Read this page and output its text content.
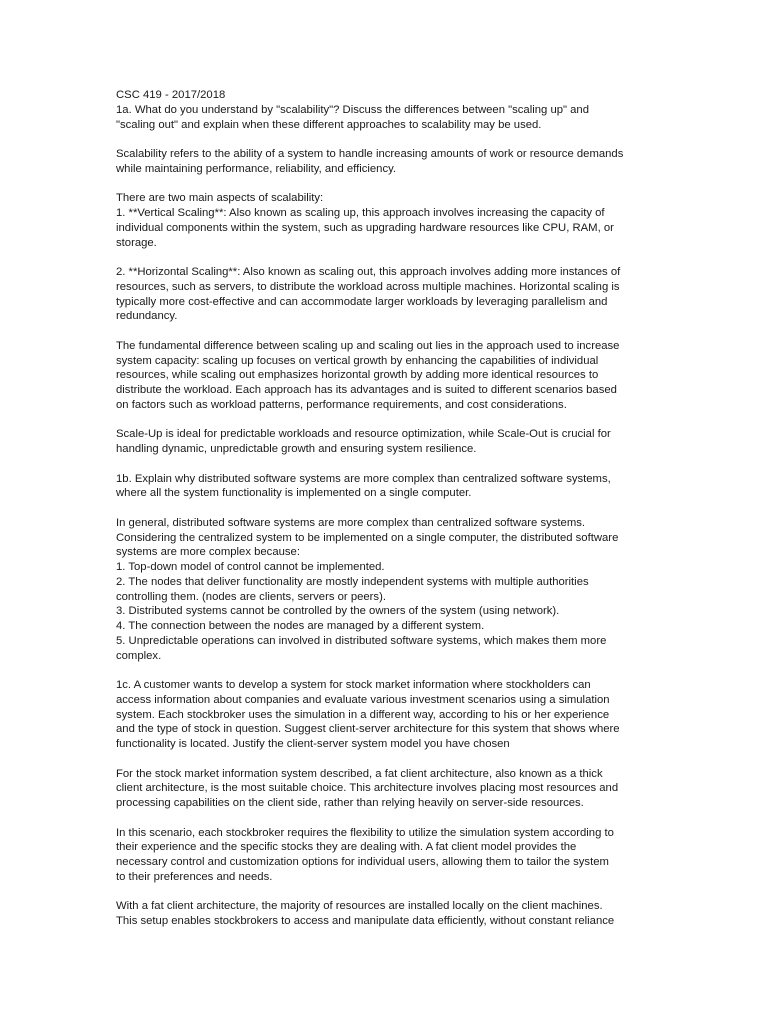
CSC 419 - 2017/2018
1a. What do you understand by "scalability"? Discuss the differences between "scaling up" and
"scaling out" and explain when these different approaches to scalability may be used.
Scalability refers to the ability of a system to handle increasing amounts of work or resource demands
while maintaining performance, reliability, and efficiency.
There are two main aspects of scalability:
1. **Vertical Scaling**: Also known as scaling up, this approach involves increasing the capacity of
individual components within the system, such as upgrading hardware resources like CPU, RAM, or
storage.
2. **Horizontal Scaling**: Also known as scaling out, this approach involves adding more instances of
resources, such as servers, to distribute the workload across multiple machines. Horizontal scaling is
typically more cost-effective and can accommodate larger workloads by leveraging parallelism and
redundancy.
The fundamental difference between scaling up and scaling out lies in the approach used to increase
system capacity: scaling up focuses on vertical growth by enhancing the capabilities of individual
resources, while scaling out emphasizes horizontal growth by adding more identical resources to
distribute the workload. Each approach has its advantages and is suited to different scenarios based
on factors such as workload patterns, performance requirements, and cost considerations.
Scale-Up is ideal for predictable workloads and resource optimization, while Scale-Out is crucial for
handling dynamic, unpredictable growth and ensuring system resilience.
1b. Explain why distributed software systems are more complex than centralized software systems,
where all the system functionality is implemented on a single computer.
In general, distributed software systems are more complex than centralized software systems.
Considering the centralized system to be implemented on a single computer, the distributed software
systems are more complex because:
1. Top-down model of control cannot be implemented.
2. The nodes that deliver functionality are mostly independent systems with multiple authorities
controlling them. (nodes are clients, servers or peers).
3. Distributed systems cannot be controlled by the owners of the system (using network).
4. The connection between the nodes are managed by a different system.
5. Unpredictable operations can involved in distributed software systems, which makes them more
complex.
1c. A customer wants to develop a system for stock market information where stockholders can
access information about companies and evaluate various investment scenarios using a simulation
system. Each stockbroker uses the simulation in a different way, according to his or her experience
and the type of stock in question. Suggest client-server architecture for this system that shows where
functionality is located. Justify the client-server system model you have chosen
For the stock market information system described, a fat client architecture, also known as a thick
client architecture, is the most suitable choice. This architecture involves placing most resources and
processing capabilities on the client side, rather than relying heavily on server-side resources.
In this scenario, each stockbroker requires the flexibility to utilize the simulation system according to
their experience and the specific stocks they are dealing with. A fat client model provides the
necessary control and customization options for individual users, allowing them to tailor the system
to their preferences and needs.
With a fat client architecture, the majority of resources are installed locally on the client machines.
This setup enables stockbrokers to access and manipulate data efficiently, without constant reliance
